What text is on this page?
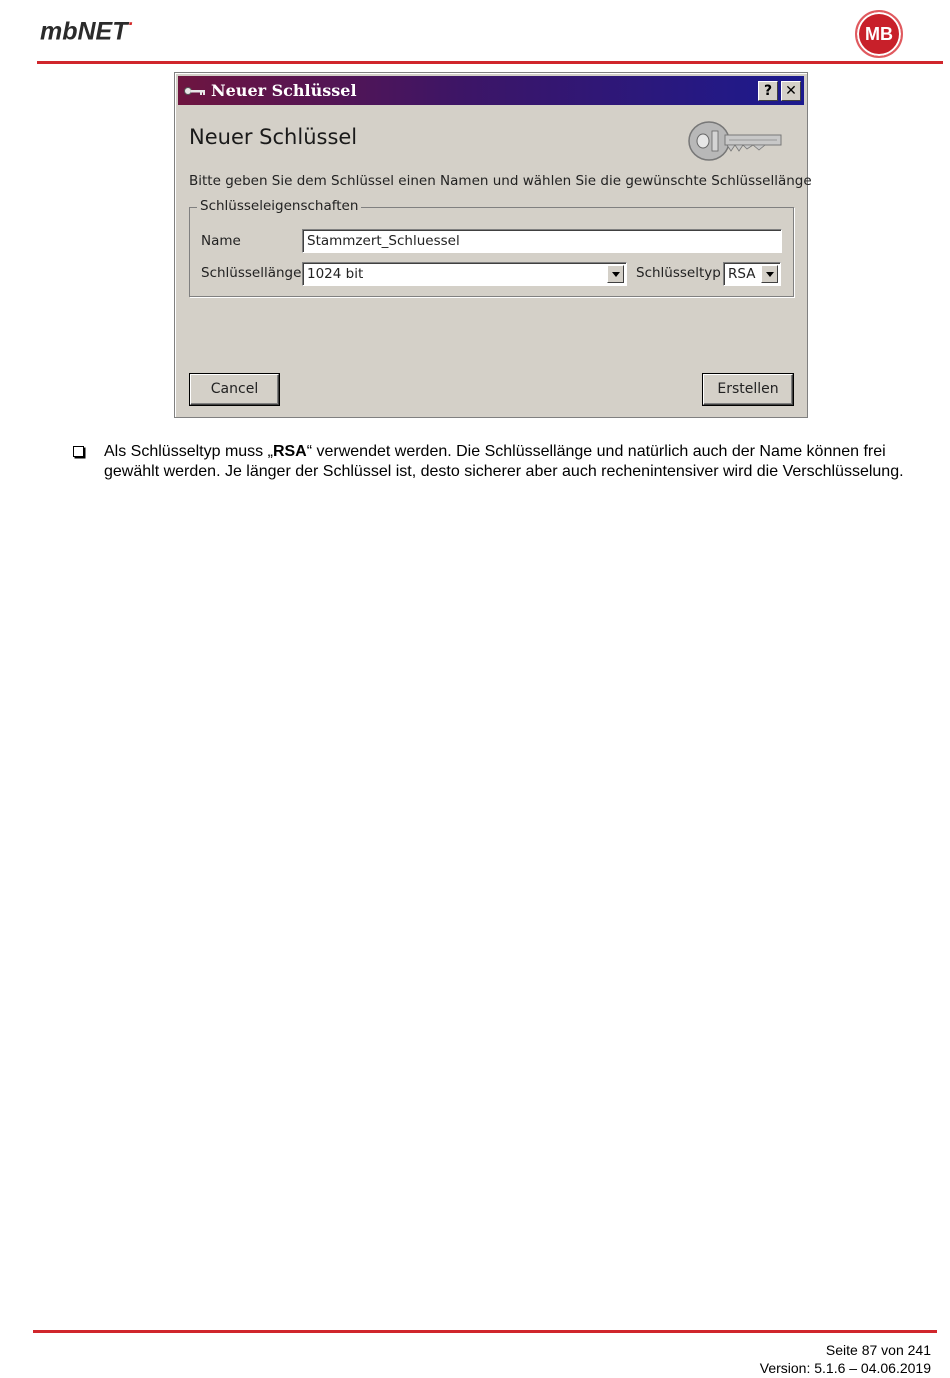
mbNET·	MB
Neuer Schlüssel	? ✕
Neuer Schlüssel
Bitte geben Sie dem Schlüssel einen Namen und wählen Sie die gewünschte Schlüssellänge
Schlüsseleigenschaften
Name	Stammzert_Schluessel
Schlüssellänge 1024 bit	Schlüsseltyp RSA
Cancel	Erstellen
Als Schlüsseltyp muss „RSA“ verwendet werden. Die Schlüssellänge und natürlich auch der Name können frei gewählt werden. Je länger der Schlüssel ist, desto sicherer aber auch rechenintensiver wird die Verschlüsselung.
Seite 87 von 241
Version: 5.1.6 – 04.06.2019
